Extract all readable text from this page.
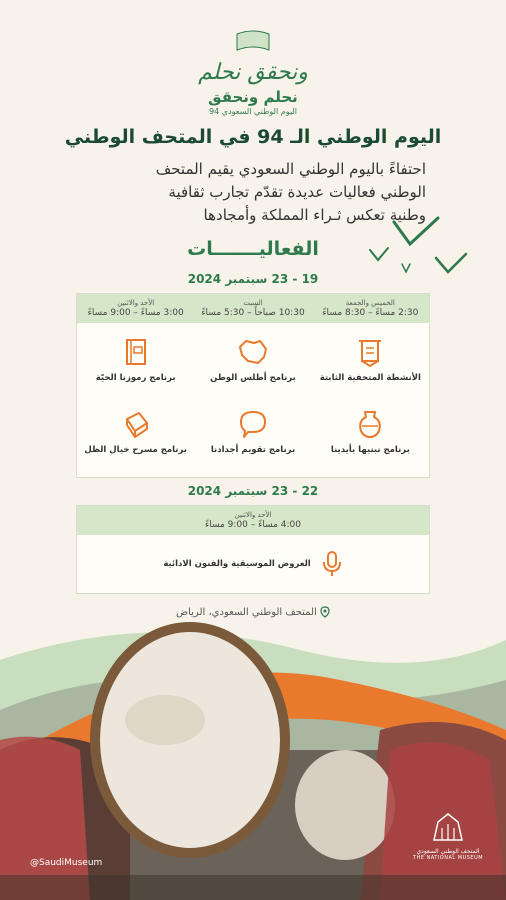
ونحقق نحلم
نحلم ونحقق
اليوم الوطني السعودي 94
اليوم الوطني الـ 94 في المتحف الوطني
احتفاءً باليوم الوطني السعودي يقيم المتحف
الوطني فعاليات عديدة تقدّم تجارب ثقافية
وطنية تعكس ثـراء المملكة وأمجادها
الفعاليـــــــات
19 - 23 سبتمبر 2024
الخميس والجمعة
2:30 مساءً – 8:30 مساءً
السبت
10:30 صباحاً – 5:30 مساءً
الأحد والاثنين
3:00 مساءً – 9:00 مساءً
الأنشطة المتحفية الثابتة
برنامج أطلس الوطن
برنامج رموزنا الحيّة
برنامج نبنيها بأيدينا
برنامج تقويم أجدادنا
برنامج مسرح خيال الظل
22 - 23 سبتمبر 2024
الأحد والاثنين
4:00 مساءً – 9:00 مساءً
العروض الموسيقية والفنون الادائية
المتحف الوطني السعودي، الرياض
@SaudiMuseum
المتحف الوطني السعودي
THE NATIONAL MUSEUM
